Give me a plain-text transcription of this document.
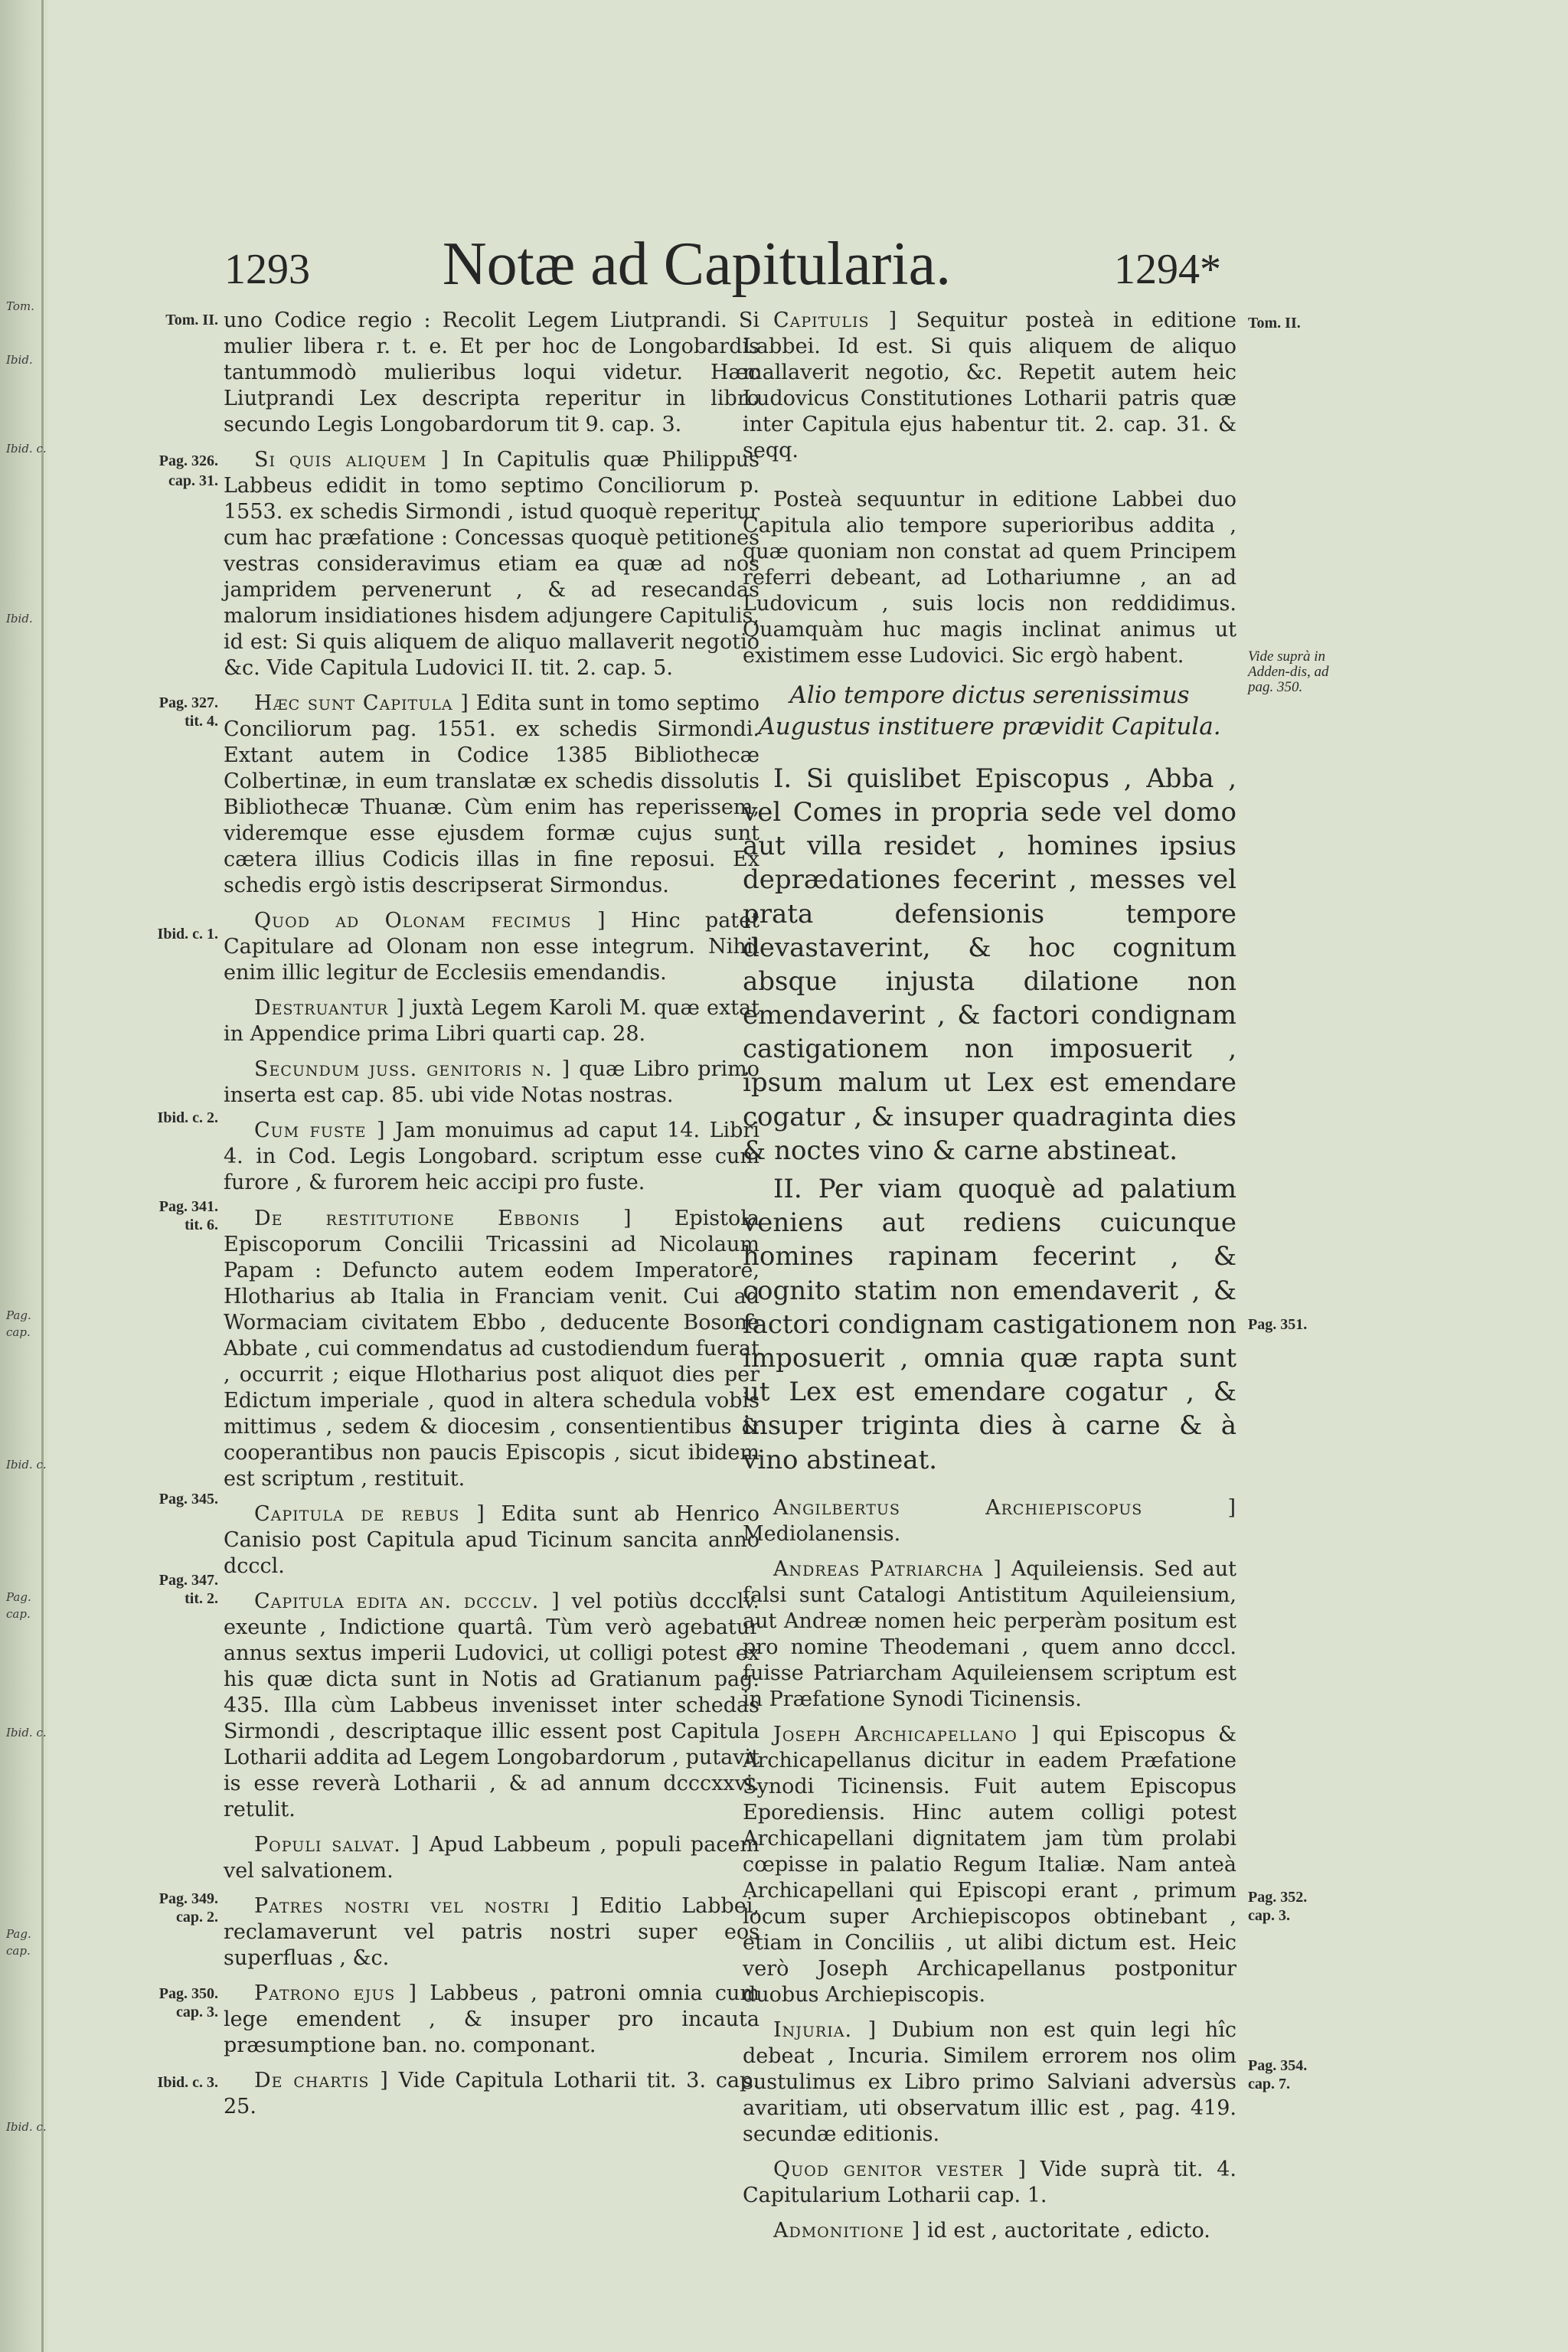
Tom.
Ibid.
Ibid. c.
Ibid.
Pag.
cap.
Ibid. c.
Pag.
cap.
Ibid. c.
Pag.
cap.
Ibid. c.
1293 Notæ ad Capitularia.	1294*
Tom. II.
Pag. 326.
cap. 31.
Pag. 327.
tit. 4.
Ibid. c. 1.
Ibid. c. 2.
Pag. 341.
tit. 6.
Pag. 345.
Pag. 347.
tit. 2.
Pag. 349.
cap. 2.
Pag. 350.
cap. 3.
Ibid. c. 3.
Tom. II.
Vide suprà in Adden-dis, ad pag. 350.
Pag. 351.
Pag. 352.
cap. 3.
Pag. 354.
cap. 7.

uno Codice regio : Recolit Legem Liutprandi. Si mulier libera r. t. e. Et per hoc de Longobardis tantummodò mulieribus loqui videtur. Hæc Liutprandi Lex descripta reperitur in libro secundo Legis Longobardorum tit 9. cap. 3.

Si quis aliquem ] In Capitulis quæ Philippus Labbeus edidit in tomo septimo Conciliorum p. 1553. ex schedis Sirmondi , istud quoquè reperitur cum hac præfatione : Concessas quoquè petitiones vestras consideravimus etiam ea quæ ad nos jampridem pervenerunt , & ad resecandas malorum insidiationes hisdem adjungere Capitulis, id est: Si quis aliquem de aliquo mallaverit negotio &c. Vide Capitula Ludovici II. tit. 2. cap. 5.

Hæc sunt Capitula ] Edita sunt in tomo septimo Conciliorum pag. 1551. ex schedis Sirmondi. Extant autem in Codice 1385 Bibliothecæ Colbertinæ, in eum translatæ ex schedis dissolutis Bibliothecæ Thuanæ. Cùm enim has reperissem, videremque esse ejusdem formæ cujus sunt cætera illius Codicis illas in fine reposui. Ex schedis ergò istis descripserat Sirmondus.

Quod ad Olonam fecimus ] Hinc patet Capitulare ad Olonam non esse integrum. Nihil enim illic legitur de Ecclesiis emendandis.

Destruantur ] juxtà Legem Karoli M. quæ extat in Appendice prima Libri quarti cap. 28.

Secundum juss. genitoris n. ] quæ Libro primo inserta est cap. 85. ubi vide Notas nostras.

Cum fuste ] Jam monuimus ad caput 14. Libri 4. in Cod. Legis Longobard. scriptum esse cum furore , & furorem heic accipi pro fuste.

De restitutione Ebbonis ] Epistola Episcoporum Concilii Tricassini ad Nicolaum Papam : Defuncto autem eodem Imperatore, Hlotharius ab Italia in Franciam venit. Cui ad Wormaciam civitatem Ebbo , deducente Bosone Abbate , cui commendatus ad custodiendum fuerat , occurrit ; eique Hlotharius post aliquot dies per Edictum imperiale , quod in altera schedula vobis mittimus , sedem & diocesim , consentientibus & cooperantibus non paucis Episcopis , sicut ibidem est scriptum , restituit.

Capitula de rebus ] Edita sunt ab Henrico Canisio post Capitula apud Ticinum sancita anno dcccl.

Capitula edita an. dccclv. ] vel potiùs dccclv. exeunte , Indictione quartâ. Tùm verò agebatur annus sextus imperii Ludovici, ut colligi potest ex his quæ dicta sunt in Notis ad Gratianum pag. 435. Illa cùm Labbeus invenisset inter schedas Sirmondi , descriptaque illic essent post Capitula Lotharii addita ad Legem Longobardorum , putavit is esse reverà Lotharii , & ad annum dcccxxvi. retulit.

Populi salvat. ] Apud Labbeum , populi pacem vel salvationem.

Patres nostri vel nostri ] Editio Labbei, reclamaverunt vel patris nostri super eos superfluas , &c.

Patrono ejus ] Labbeus , patroni omnia cum lege emendent , & insuper pro incauta præsumptione ban. no. componant.

De chartis ] Vide Capitula Lotharii tit. 3. cap. 25.

Capitulis ] Sequitur posteà in editione Labbei. Id est. Si quis aliquem de aliquo mallaverit negotio, &c. Repetit autem heic Ludovicus Constitutiones Lotharii patris quæ inter Capitula ejus habentur tit. 2. cap. 31. & seqq.

Posteà sequuntur in editione Labbei duo Capitula alio tempore superioribus addita , quæ quoniam non constat ad quem Principem referri debeant, ad Lothariumne , an ad Ludovicum , suis locis non reddidimus. Quamquàm huc magis inclinat animus ut existimem esse Ludovici. Sic ergò habent.

Alio tempore dictus serenissimus Augustus instituere prævidit Capitula.

I. Si quislibet Episcopus , Abba , vel Comes in propria sede vel domo aut villa residet , homines ipsius deprædationes fecerint , messes vel prata defensionis tempore devastaverint, & hoc cognitum absque injusta dilatione non emendaverint , & factori condignam castigationem non imposuerit , ipsum malum ut Lex est emendare cogatur , & insuper quadraginta dies & noctes vino & carne abstineat.

II. Per viam quoquè ad palatium veniens aut rediens cuicunque homines rapinam fecerint , & cognito statim non emendaverit , & factori condignam castigationem non imposuerit , omnia quæ rapta sunt ut Lex est emendare cogatur , & insuper triginta dies à carne & à vino abstineat.

Angilbertus Archiepiscopus ] Mediolanensis.

Andreas Patriarcha ] Aquileiensis. Sed aut falsi sunt Catalogi Antistitum Aquileiensium, aut Andreæ nomen heic perperàm positum est pro nomine Theodemani , quem anno dcccl. fuisse Patriarcham Aquileiensem scriptum est in Præfatione Synodi Ticinensis.

Joseph Archicapellano ] qui Episcopus & Archicapellanus dicitur in eadem Præfatione Synodi Ticinensis. Fuit autem Episcopus Eporediensis. Hinc autem colligi potest Archicapellani dignitatem jam tùm prolabi cœpisse in palatio Regum Italiæ. Nam anteà Archicapellani qui Episcopi erant , primum locum super Archiepiscopos obtinebant , etiam in Conciliis , ut alibi dictum est. Heic verò Joseph Archicapellanus postponitur duobus Archiepiscopis.

Injuria. ] Dubium non est quin legi hîc debeat , Incuria. Similem errorem nos olim sustulimus ex Libro primo Salviani adversùs avaritiam, uti observatum illic est , pag. 419. secundæ editionis.

Quod genitor vester ] Vide suprà tit. 4. Capitularium Lotharii cap. 1.

Admonitione ] id est , auctoritate , edicto.
